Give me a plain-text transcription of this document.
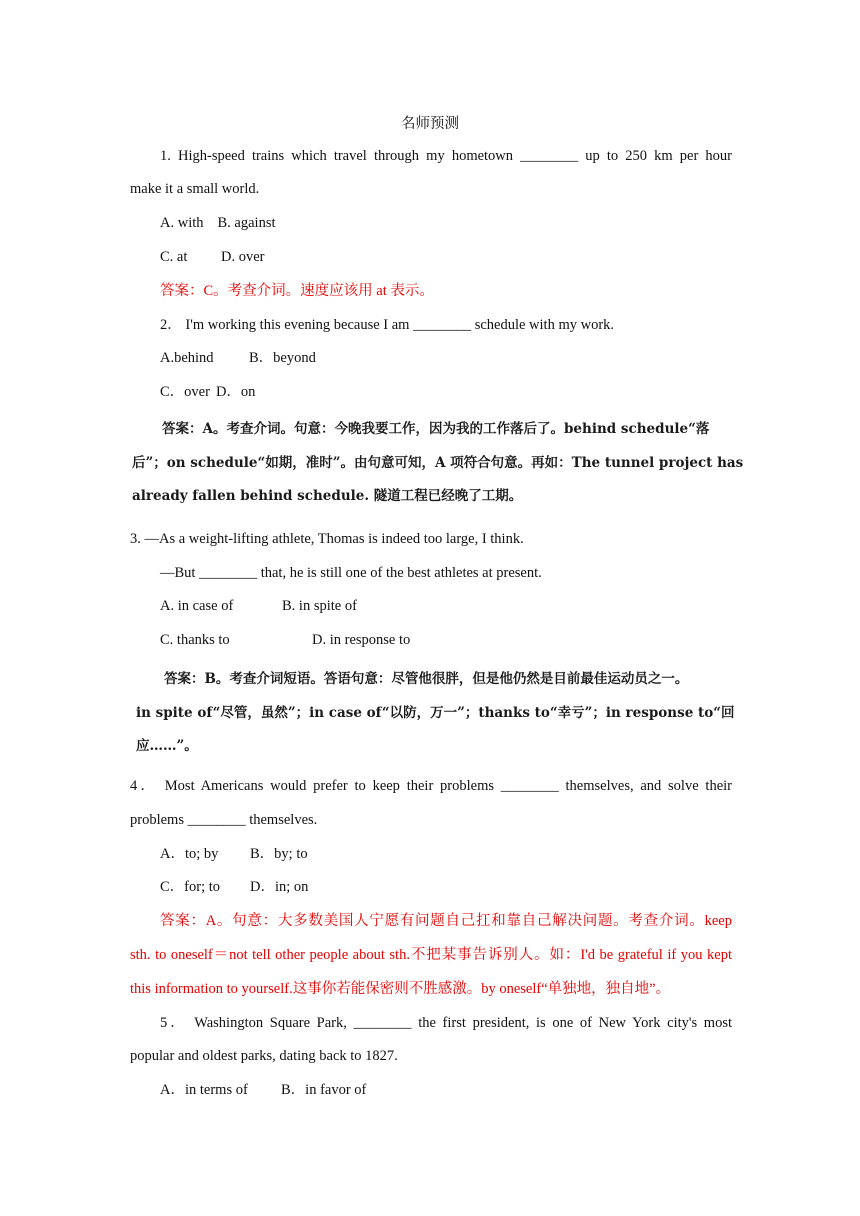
名师预测

1. High-speed trains which travel through my hometown ________ up to 250 km per hour

make it a small world.

A. with B. against

C. at D. over

答案：C。考查介词。速度应该用 at 表示。

2． I'm working this evening because I am ________ schedule with my work.

A.behind B．beyond

C．over D．on

答案：A。考查介词。句意：今晚我要工作，因为我的工作落后了。behind schedule“落

后”；on schedule“如期，准时”。由句意可知，A 项符合句意。再如：The tunnel project has

already fallen behind schedule. 隧道工程已经晚了工期。

3. —As a weight-lifting athlete, Thomas is indeed too large, I think.

—But ________ that, he is still one of the best athletes at present.

A. in case of	B. in spite of

C. thanks to	D. in response to

答案：B。考查介词短语。答语句意：尽管他很胖，但是他仍然是目前最佳运动员之一。

in spite of“尽管，虽然”；in case of“以防，万一”；thanks to“幸亏”；in response to“回

应……”。

4． Most Americans would prefer to keep their problems ________ themselves, and solve their

problems ________ themselves.

A．to; by B．by; to

C．for; to D．in; on

答案：A。句意：大多数美国人宁愿有问题自己扛和靠自己解决问题。考查介词。keep

sth. to oneself＝not tell other people about sth.不把某事告诉别人。如：I'd be grateful if you kept

this information to yourself.这事你若能保密则不胜感激。by oneself“单独地，独自地”。

5． Washington Square Park, ________ the first president, is one of New York city's most

popular and oldest parks, dating back to 1827.

A．in terms of B．in favor of
